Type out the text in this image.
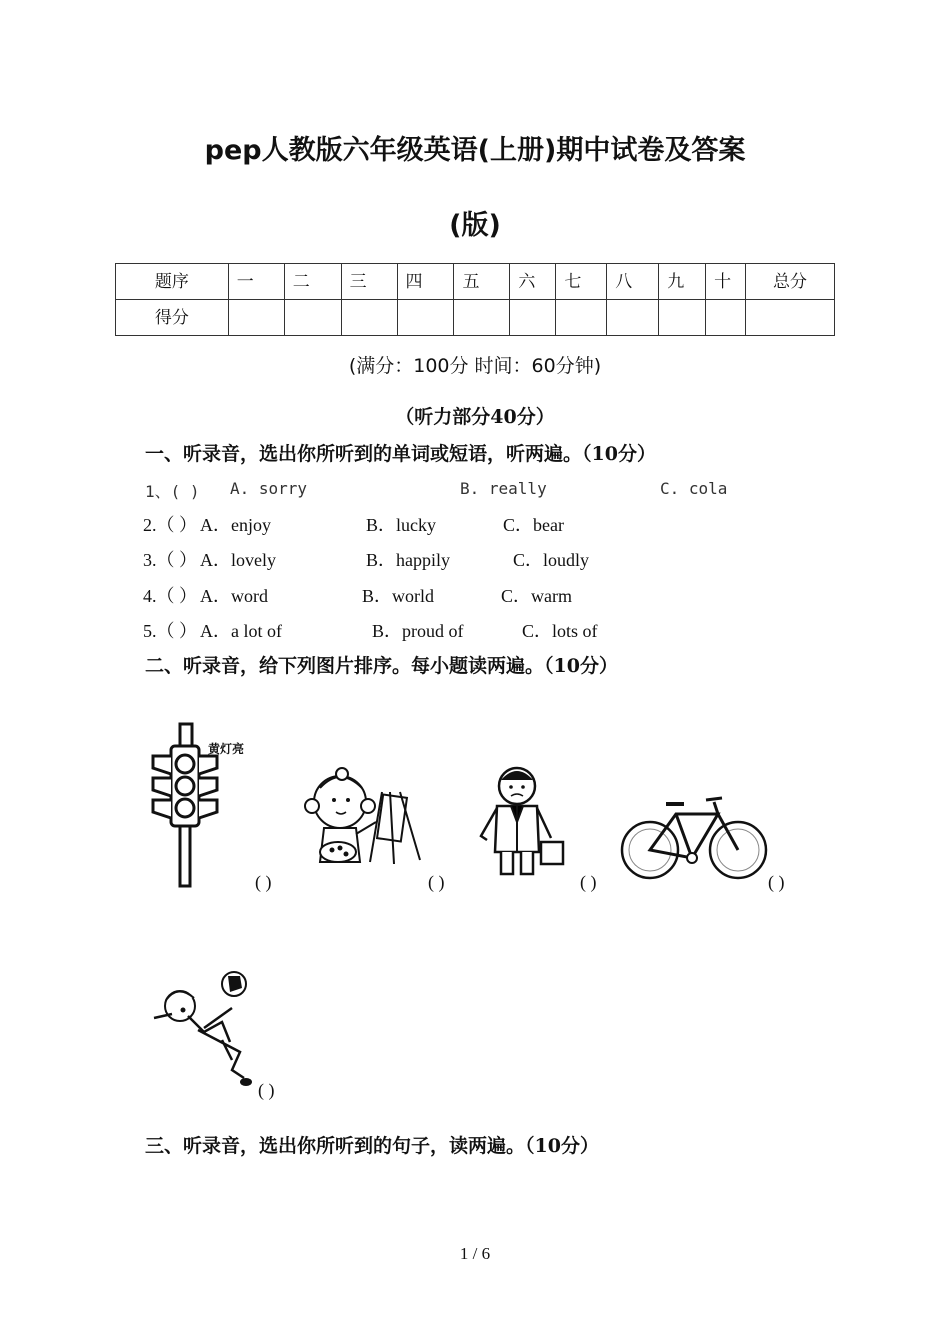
pep人教版六年级英语(上册)期中试卷及答案
(版)
题序	一	二	三	四	五	六	七	八	九	十	总分
得分											
(满分：100分 时间：60分钟)
（听力部分40分）
一、听录音，选出你所听到的单词或短语，听两遍。（10分）
1、( ) A. sorry	B. really	C. cola
2.（ ） A．enjoy	B．lucky	C．bear
3.（ ） A．lovely	B．happily	C．loudly
4.（ ） A．word	B．world	C．warm
5.（ ） A．a lot of	B．proud of	C．lots of
二、听录音，给下列图片排序。每小题读两遍。（10分）
黄灯亮
( )	( )	( )	( )
( )
三、听录音，选出你所听到的句子，读两遍。（10分）
1 / 6
